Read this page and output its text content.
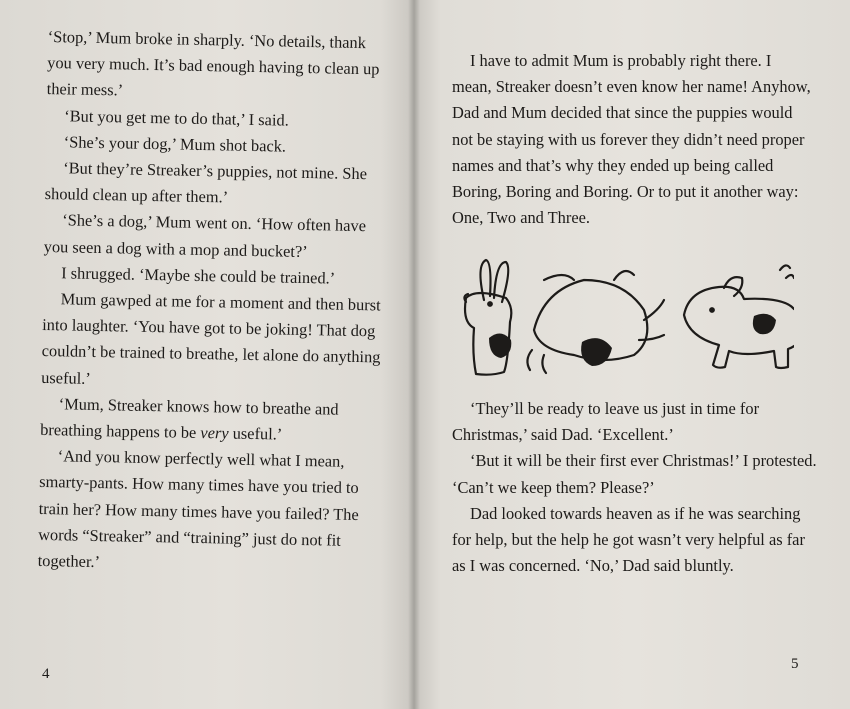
‘Stop,’ Mum broke in sharply. ‘No details, thank you very much. It’s bad enough having to clean up their mess.’

‘But you get me to do that,’ I said.

‘She’s your dog,’ Mum shot back.

‘But they’re Streaker’s puppies, not mine. She should clean up after them.’

‘She’s a dog,’ Mum went on. ‘How often have you seen a dog with a mop and bucket?’

I shrugged. ‘Maybe she could be trained.’

Mum gawped at me for a moment and then burst into laughter. ‘You have got to be joking! That dog couldn’t be trained to breathe, let alone do anything useful.’

‘Mum, Streaker knows how to breathe and breathing happens to be very useful.’

‘And you know perfectly well what I mean, smarty-pants. How many times have you tried to train her? How many times have you failed? The words “Streaker” and “training” just do not fit together.’

4

I have to admit Mum is probably right there. I mean, Streaker doesn’t even know her name! Anyhow, Dad and Mum decided that since the puppies would not be staying with us forever they didn’t need proper names and that’s why they ended up being called Boring, Boring and Boring. Or to put it another way: One, Two and Three.

‘They’ll be ready to leave us just in time for Christmas,’ said Dad. ‘Excellent.’

‘But it will be their first ever Christmas!’ I protested. ‘Can’t we keep them? Please?’

Dad looked towards heaven as if he was searching for help, but the help he got wasn’t very helpful as far as I was concerned. ‘No,’ Dad said bluntly.

5
